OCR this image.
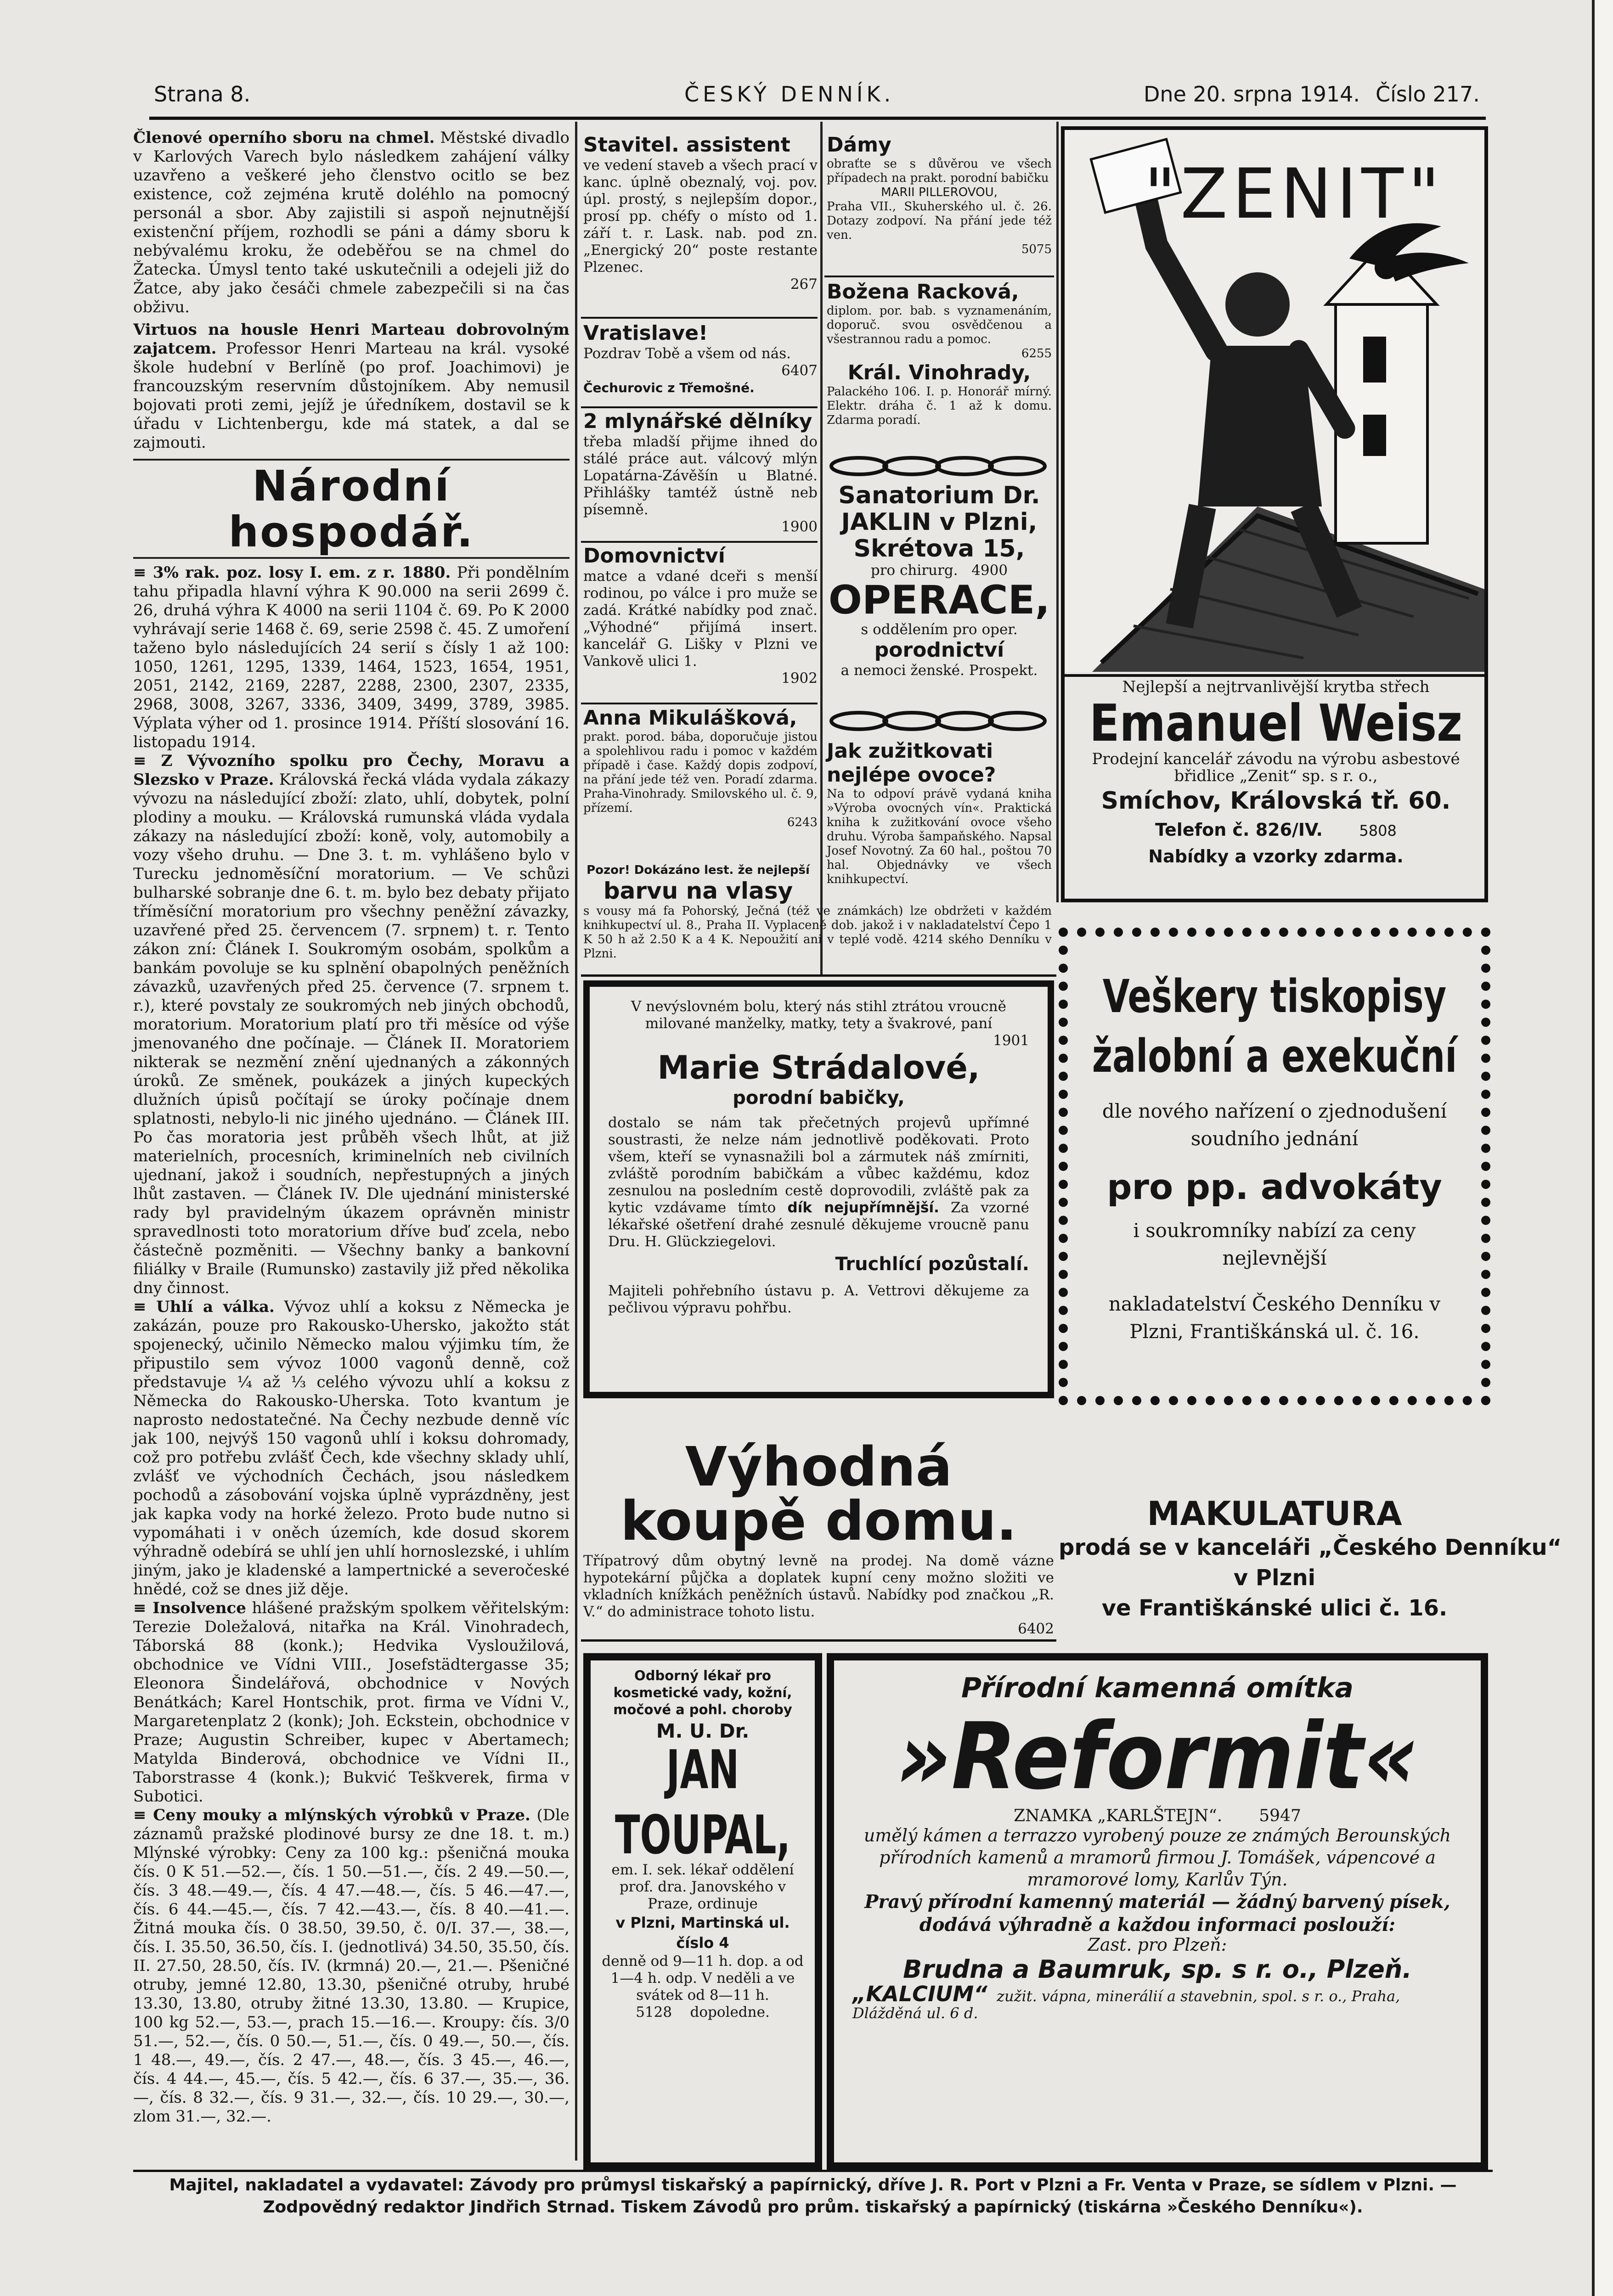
Strana 8.	ČESKÝ DENNÍK.	Dne 20. srpna 1914. Číslo 217.

Členové operního sboru na chmel. Městské divadlo v Karlových Varech bylo následkem zahájení války uzavřeno a veškeré jeho členstvo ocitlo se bez existence, což zejména krutě doléhlo na pomocný personál a sbor. Aby zajistili si aspoň nejnutnější existenční příjem, rozhodli se páni a dámy sboru k nebývalému kroku, že odeběřou se na chmel do Žatecka. Úmysl tento také uskutečnili a odejeli již do Žatce, aby jako česáči chmele zabezpečili si na čas obživu.

Virtuos na housle Henri Marteau dobrovolným zajatcem. Professor Henri Marteau na král. vysoké škole hudební v Berlíně (po prof. Joachimovi) je francouzským reservním důstojníkem. Aby nemusil bojovati proti zemi, jejíž je úředníkem, dostavil se k úřadu v Lichtenbergu, kde má statek, a dal se zajmouti.

Národní hospodář.

≡ 3% rak. poz. losy I. em. z r. 1880. Při pondělním tahu připadla hlavní výhra K 90.000 na serii 2699 č. 26, druhá výhra K 4000 na serii 1104 č. 69. Po K 2000 vyhrávají serie 1468 č. 69, serie 2598 č. 45. Z umoření taženo bylo následujících 24 serií s čísly 1 až 100: 1050, 1261, 1295, 1339, 1464, 1523, 1654, 1951, 2051, 2142, 2169, 2287, 2288, 2300, 2307, 2335, 2968, 3008, 3267, 3336, 3409, 3499, 3789, 3985. Výplata výher od 1. prosince 1914. Příští slosování 16. listopadu 1914.

≡ Z Vývozního spolku pro Čechy, Moravu a Slezsko v Praze. Královská řecká vláda vydala zákazy vývozu na následující zboží: zlato, uhlí, dobytek, polní plodiny a mouku. — Královská rumunská vláda vydala zákazy na následující zboží: koně, voly, automobily a vozy všeho druhu. — Dne 3. t. m. vyhlášeno bylo v Turecku jednoměsíční moratorium. — Ve schůzi bulharské sobranje dne 6. t. m. bylo bez debaty přijato tříměsíční moratorium pro všechny peněžní závazky, uzavřené před 25. červencem (7. srpnem) t. r. Tento zákon zní: Článek I. Soukromým osobám, spolkům a bankám povoluje se ku splnění obapolných peněžních závazků, uzavřených před 25. července (7. srpnem t. r.), které povstaly ze soukromých neb jiných obchodů, moratorium. Moratorium platí pro tři měsíce od výše jmenovaného dne počínaje. — Článek II. Moratoriem nikterak se nezmění znění ujednaných a zákonných úroků. Ze směnek, poukázek a jiných kupeckých dlužních úpisů počítají se úroky počínaje dnem splatnosti, nebylo-li nic jiného ujednáno. — Článek III. Po čas moratoria jest průběh všech lhůt, at již materielních, procesních, kriminelních neb civilních ujednaní, jakož i soudních, nepřestupných a jiných lhůt zastaven. — Článek IV. Dle ujednání ministerské rady byl pravidelným úkazem oprávněn ministr spravedlnosti toto moratorium dříve buď zcela, nebo částečně pozměniti. — Všechny banky a bankovní filiálky v Braile (Rumunsko) zastavily již před několika dny činnost.

≡ Uhlí a válka. Vývoz uhlí a koksu z Německa je zakázán, pouze pro Rakousko-Uhersko, jakožto stát spojenecký, učinilo Německo malou výjimku tím, že připustilo sem vývoz 1000 vagonů denně, což představuje ¼ až ⅓ celého vývozu uhlí a koksu z Německa do Rakousko-Uherska. Toto kvantum je naprosto nedostatečné. Na Čechy nezbude denně víc jak 100, nejvýš 150 vagonů uhlí i koksu dohromady, což pro potřebu zvlášť Čech, kde všechny sklady uhlí, zvlášť ve východních Čechách, jsou následkem pochodů a zásobování vojska úplně vyprázdněny, jest jak kapka vody na horké železo. Proto bude nutno si vypomáhati i v oněch územích, kde dosud skorem výhradně odebírá se uhlí jen uhlí hornoslezské, i uhlím jiným, jako je kladenské a lampertnické a severočeské hnědé, což se dnes již děje.

≡ Insolvence hlášené pražským spolkem věřitelským: Terezie Doležalová, nitařka na Král. Vinohradech, Táborská 88 (konk.); Hedvika Vysloužilová, obchodnice ve Vídni VIII., Josefstädtergasse 35; Eleonora Šindelářová, obchodnice v Nových Benátkách; Karel Hontschik, prot. firma ve Vídni V., Margaretenplatz 2 (konk); Joh. Eckstein, obchodnice v Praze; Augustin Schreiber, kupec v Abertamech; Matylda Binderová, obchodnice ve Vídni II., Taborstrasse 4 (konk.); Bukvić Teškverek, firma v Subotici.

≡ Ceny mouky a mlýnských výrobků v Praze. (Dle záznamů pražské plodinové bursy ze dne 18. t. m.) Mlýnské výrobky: Ceny za 100 kg.: pšeničná mouka čís. 0 K 51.—52.—, čís. 1 50.—51.—, čís. 2 49.—50.—, čís. 3 48.—49.—, čís. 4 47.—48.—, čís. 5 46.—47.—, čís. 6 44.—45.—, čís. 7 42.—43.—, čís. 8 40.—41.—. Žitná mouka čís. 0 38.50, 39.50, č. 0/I. 37.—, 38.—, čís. I. 35.50, 36.50, čís. I. (jednotlivá) 34.50, 35.50, čís. II. 27.50, 28.50, čís. IV. (krmná) 20.—, 21.—. Pšeničné otruby, jemné 12.80, 13.30, pšeničné otruby, hrubé 13.30, 13.80, otruby žitné 13.30, 13.80. — Krupice, 100 kg 52.—, 53.—, prach 15.—16.—. Kroupy: čís. 3/0 51.—, 52.—, čís. 0 50.—, 51.—, čís. 0 49.—, 50.—, čís. 1 48.—, 49.—, čís. 2 47.—, 48.—, čís. 3 45.—, 46.—, čís. 4 44.—, 45.—, čís. 5 42.—, čís. 6 37.—, 35.—, 36.—, čís. 8 32.—, čís. 9 31.—, 32.—, čís. 10 29.—, 30.—, zlom 31.—, 32.—.

Stavitel. assistent

ve vedení staveb a všech prací v kanc. úplně obeznalý, voj. pov. úpl. prostý, s nejlepším dopor., prosí pp. chéfy o místo od 1. září t. r. Lask. nab. pod zn. „Energický 20“ poste restante Plzenec.

267

Vratislave!

Pozdrav Tobě a všem od nás.

6407

Čechurovic z Třemošné.

2 mlynářské dělníky

třeba mladší přijme ihned do stálé práce aut. válcový mlýn Lopatárna-Závěšín u Blatné. Přihlášky tamtéž ústně neb písemně.

1900

Domovnictví

matce a vdané dceři s menší rodinou, po válce i pro muže se zadá. Krátké nabídky pod znač. „Výhodné“ přijímá insert. kancelář G. Lišky v Plzni ve Vankově ulici 1.

1902

Anna Mikulášková,

prakt. porod. bába, doporučuje jistou a spolehlivou radu i pomoc v každém případě i čase. Každý dopis zodpoví, na přání jede též ven. Poradí zdarma. Praha-Vinohrady. Smilovského ul. č. 9, přízemí.

6243

Dámy

obraťte se s důvěrou ve všech případech na prakt. porodní babičku

MARII PILLEROVOU,

Praha VII., Skuherského ul. č. 26. Dotazy zodpoví. Na přání jede též ven.

5075

Božena Racková,

diplom. por. bab. s vyznamenáním, doporuč. svou osvědčenou a všestrannou radu a pomoc.

6255

Král. Vinohrady,

Palackého 106. I. p. Honorář mírný. Elektr. dráha č. 1 až k domu. Zdarma poradí.

Sanatorium Dr.

JAKLIN v Plzni,

Skrétova 15,

pro chirurg. 4900

OPERACE,

s oddělením pro oper.

porodnictví

a nemoci ženské. Prospekt.

Jak zužitkovati nejlépe ovoce?

Na to odpoví právě vydaná kniha »Výroba ovocných vín«. Praktická kniha k zužitkování ovoce všeho druhu. Výroba šampaňského. Napsal Josef Novotný. Za 60 hal., poštou 70 hal. Objednávky ve všech knihkupectví.

Pozor! Dokázáno lest. že nejlepší

barvu na vlasy

s vousy má fa Pohorský, Ječná (též ve známkách) lze obdržeti v každém knihkupectví ul. 8., Praha II. Vyplaceně dob. jakož i v nakladatelství Čepo 1 K 50 h až 2.50 K a 4 K. Nepoužití ani v teplé vodě. 4214 ského Denníku v Plzni.

V nevýslovném bolu, který nás stihl ztrátou vroucně milované manželky, matky, tety a švakrové, paní

1901

Marie Strádalové,

porodní babičky,

dostalo se nám tak přečetných projevů upřímné soustrasti, že nelze nám jednotlivě poděkovati. Proto všem, kteří se vynasnažili bol a zármutek náš zmírniti, zvláště porodním babičkám a vůbec každému, kdoz zesnulou na posledním cestě doprovodili, zvláště pak za kytic vzdávame tímto dík nejupřímnější. Za vzorné lékařské ošetření drahé zesnulé děkujeme vroucně panu Dru. H. Glückziegelovi.

Truchlící pozůstalí.

Majiteli pohřebního ústavu p. A. Vettrovi děkujeme za pečlivou výpravu pohřbu.

Výhodná

koupě domu.

Třípatrový dům obytný levně na prodej. Na domě vázne hypotekární půjčka a doplatek kupní ceny možno složiti ve vkladních knížkách peněžních ústavů. Nabídky pod značkou „R. V.“ do administrace tohoto listu.

6402

Odborný lékař pro kosmetické vady, kožní, močové a pohl. choroby

M. U. Dr.

JAN TOUPAL,

em. I. sek. lékař oddělení prof. dra. Janovského v Praze, ordinuje

v Plzni, Martinská ul. číslo 4

denně od 9—11 h. dop. a od 1—4 h. odp. V neděli a ve svátek od 8—11 h.

5128 dopoledne.

"ZENIT"

Nejlepší a nejtrvanlivější krytba střech

Emanuel Weisz

Prodejní kancelář závodu na výrobu asbestové břidlice „Zenit“ sp. s r. o.,

Smíchov, Královská tř. 60.

Telefon č. 826/IV. 5808

Nabídky a vzorky zdarma.

Veškery tiskopisy

žalobní a exekuční

dle nového nařízení o zjednodušení soudního jednání

pro pp. advokáty

i soukromníky nabízí za ceny nejlevnější

nakladatelství Českého Denníku v Plzni, Františkánská ul. č. 16.

MAKULATURA

prodá se v kanceláři „Českého Denníku“

v Plzni

ve Františkánské ulici č. 16.

Přírodní kamenná omítka

»Reformit«

ZNAMKA „KARLŠTEJN“. 5947

umělý kámen a terrazzo vyrobený pouze ze známých Berounských přírodních kamenů a mramorů firmou J. Tomášek, vápencové a mramorové lomy, Karlův Týn.

Pravý přírodní kamenný materiál — žádný barvený písek, dodává výhradně a každou informaci poslouží:

Zast. pro Plzeň:

Brudna a Baumruk, sp. s r. o., Plzeň.

„KALCIUM“ zužit. vápna, minerálií a stavebnin, spol. s r. o., Praha, Dlážděná ul. 6 d.

Majitel, nakladatel a vydavatel: Závody pro průmysl tiskařský a papírnický, dříve J. R. Port v Plzni a Fr. Venta v Praze, se sídlem v Plzni. — Zodpovědný redaktor Jindřich Strnad. Tiskem Závodů pro prům. tiskařský a papírnický (tiskárna »Českého Denníku«).
